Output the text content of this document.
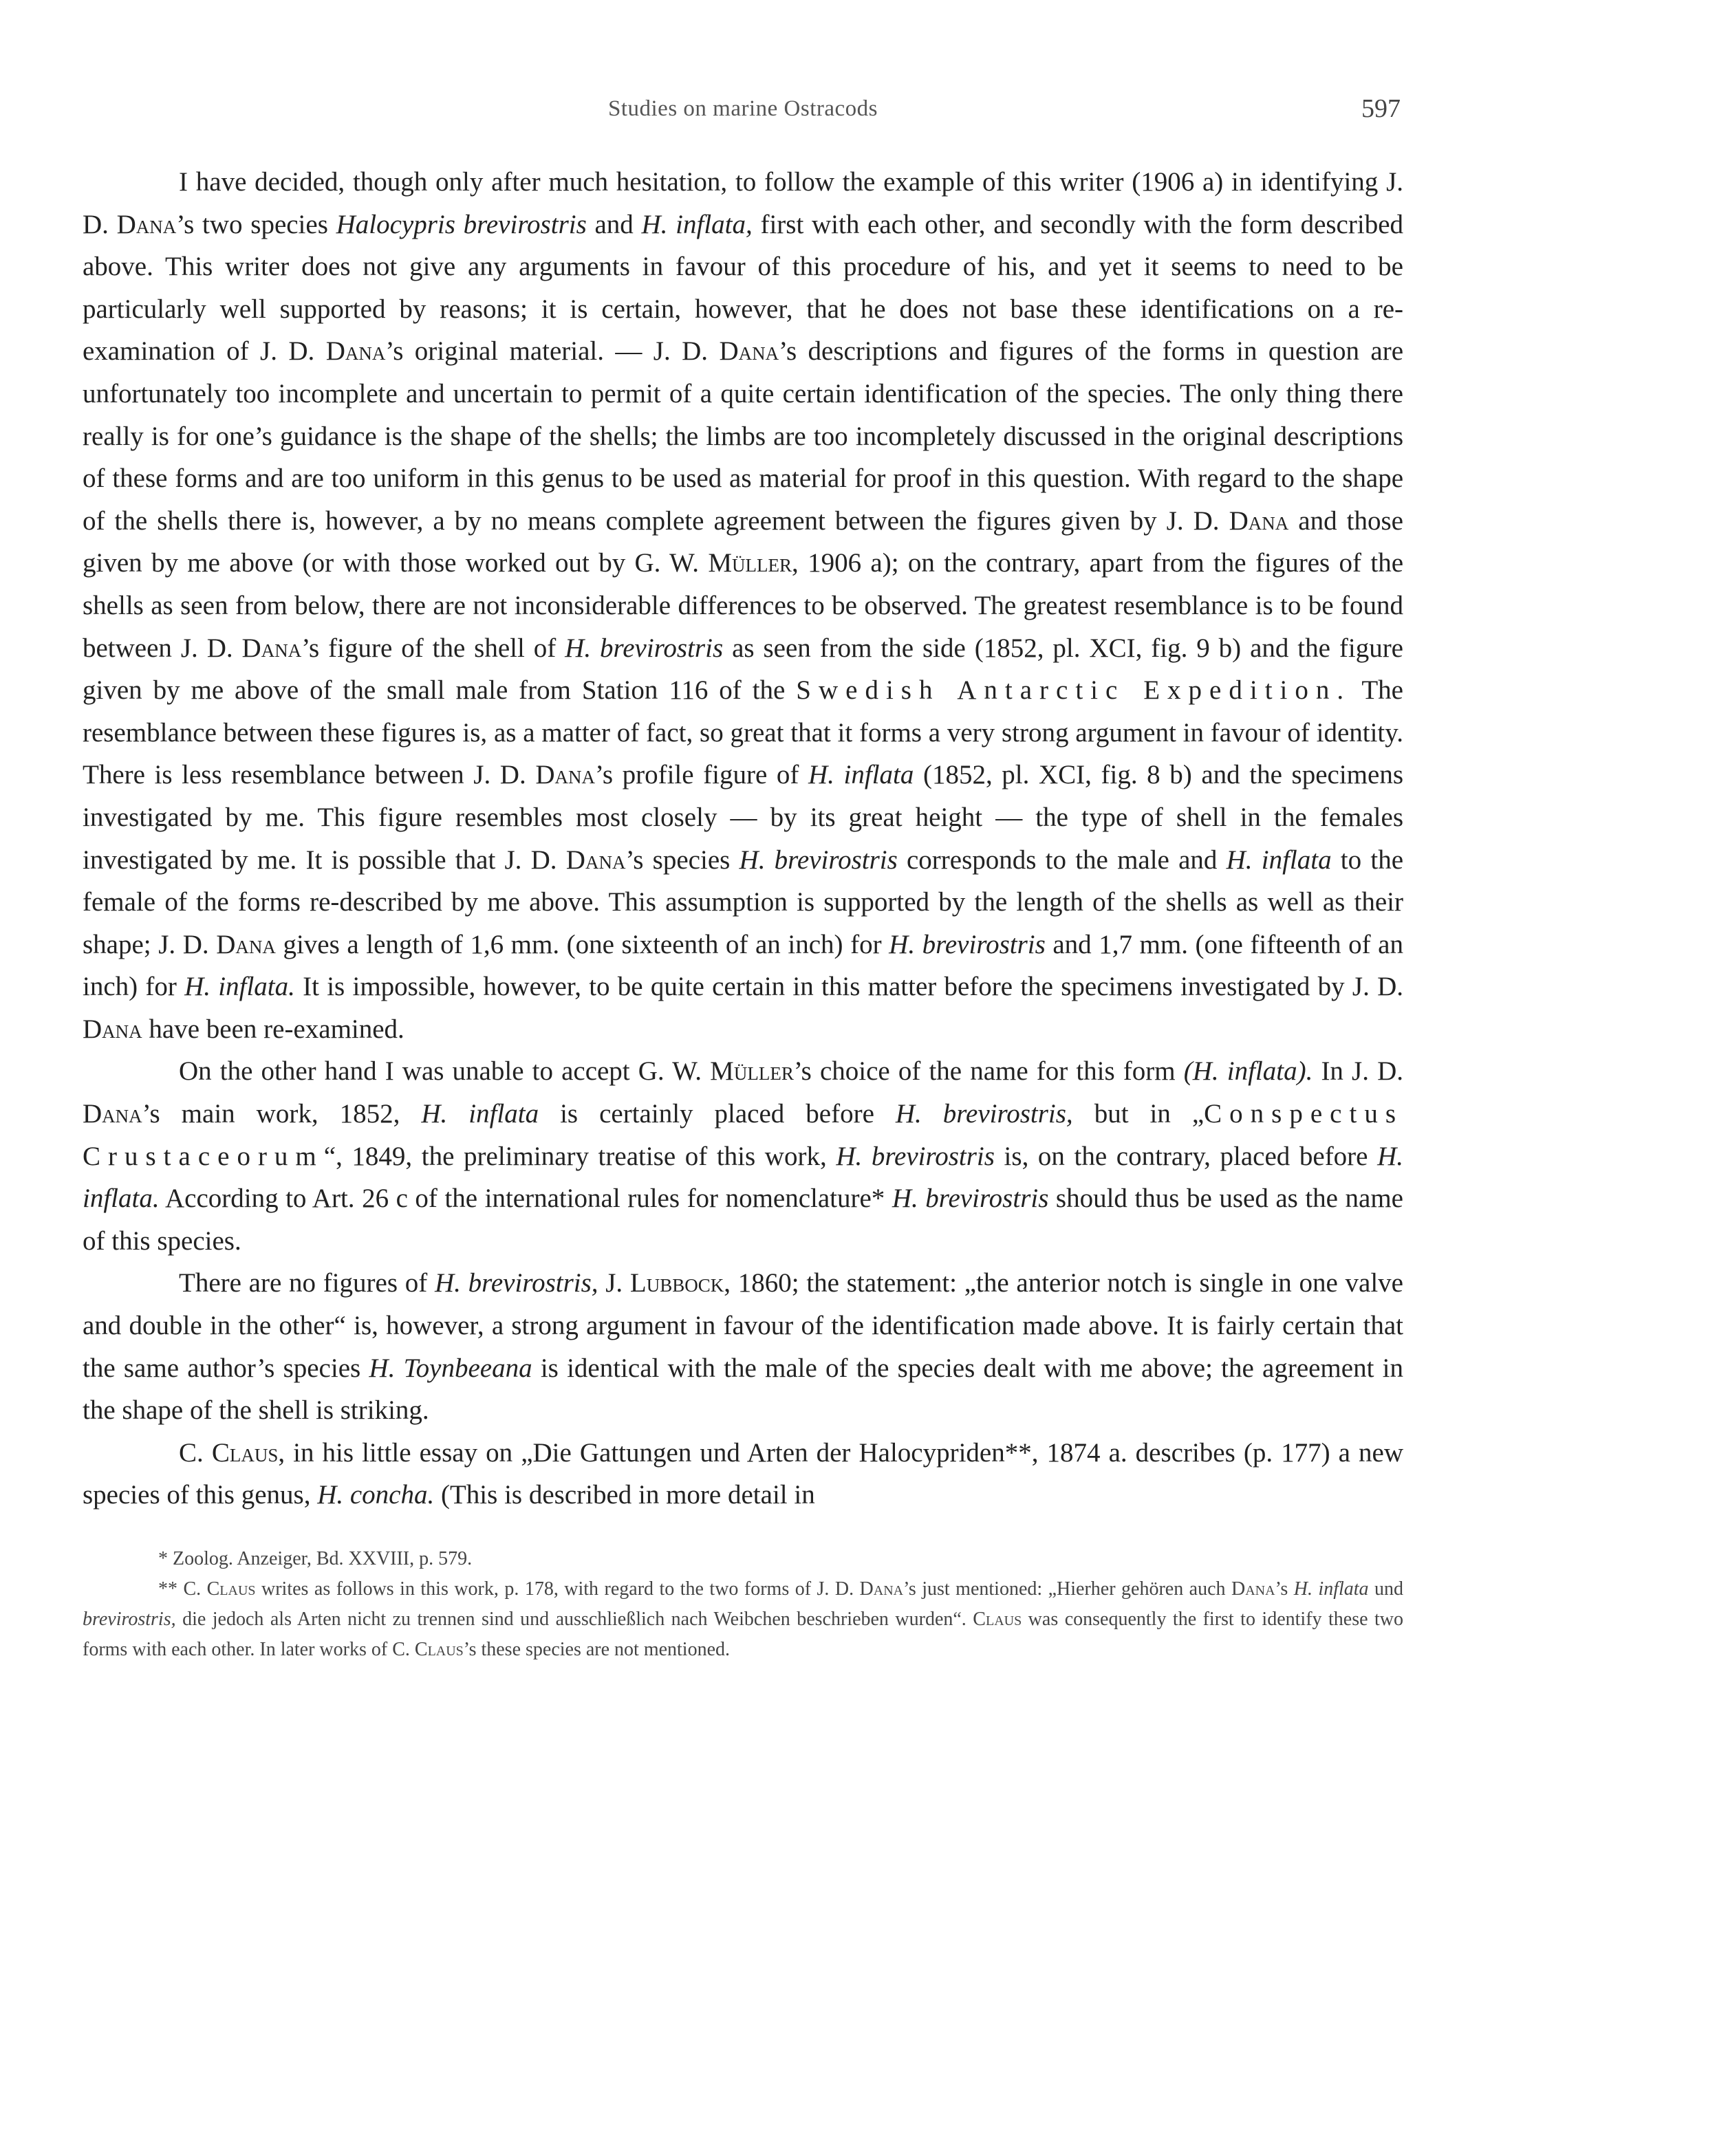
Studies on marine Ostracods	597

I have decided, though only after much hesitation, to follow the example of this writer (1906 a) in identifying J. D. Dana’s two species Halocypris brevirostris and H. inflata, first with each other, and secondly with the form described above. This writer does not give any arguments in favour of this procedure of his, and yet it seems to need to be particularly well supported by reasons; it is certain, however, that he does not base these identifications on a re-examination of J. D. Dana’s original material. — J. D. Dana’s descriptions and figures of the forms in question are unfortunately too incomplete and uncertain to permit of a quite certain identification of the species. The only thing there really is for one’s guidance is the shape of the shells; the limbs are too incompletely discussed in the original descriptions of these forms and are too uniform in this genus to be used as material for proof in this question. With regard to the shape of the shells there is, however, a by no means complete agreement between the figures given by J. D. Dana and those given by me above (or with those worked out by G. W. Müller, 1906 a); on the contrary, apart from the figures of the shells as seen from below, there are not inconsiderable differences to be observed. The greatest resemblance is to be found between J. D. Dana’s figure of the shell of H. brevirostris as seen from the side (1852, pl. XCI, fig. 9 b) and the figure given by me above of the small male from Station 116 of the Swedish Antarctic Expedition. The resemblance between these figures is, as a matter of fact, so great that it forms a very strong argument in favour of identity. There is less resemblance between J. D. Dana’s profile figure of H. inflata (1852, pl. XCI, fig. 8 b) and the specimens investigated by me. This figure resembles most closely — by its great height — the type of shell in the females investigated by me. It is possible that J. D. Dana’s species H. brevirostris corresponds to the male and H. inflata to the female of the forms re-described by me above. This assumption is supported by the length of the shells as well as their shape; J. D. Dana gives a length of 1,6 mm. (one sixteenth of an inch) for H. brevirostris and 1,7 mm. (one fifteenth of an inch) for H. inflata. It is impossible, however, to be quite certain in this matter before the specimens investigated by J. D. Dana have been re-examined.

On the other hand I was unable to accept G. W. Müller’s choice of the name for this form (H. inflata). In J. D. Dana’s main work, 1852, H. inflata is certainly placed before H. brevirostris, but in „Conspectus Crustaceorum“, 1849, the preliminary treatise of this work, H. brevirostris is, on the contrary, placed before H. inflata. According to Art. 26 c of the international rules for nomenclature* H. brevirostris should thus be used as the name of this species.

There are no figures of H. brevirostris, J. Lubbock, 1860; the statement: „the anterior notch is single in one valve and double in the other“ is, however, a strong argument in favour of the identification made above. It is fairly certain that the same author’s species H. Toynbeeana is identical with the male of the species dealt with me above; the agreement in the shape of the shell is striking.

C. Claus, in his little essay on „Die Gattungen und Arten der Halocypriden**, 1874 a. describes (p. 177) a new species of this genus, H. concha. (This is described in more detail in

* Zoolog. Anzeiger, Bd. XXVIII, p. 579.

** C. Claus writes as follows in this work, p. 178, with regard to the two forms of J. D. Dana’s just mentioned: „Hierher gehören auch Dana’s H. inflata und brevirostris, die jedoch als Arten nicht zu trennen sind und ausschließlich nach Weibchen beschrieben wurden“. Claus was consequently the first to identify these two forms with each other. In later works of C. Claus’s these species are not mentioned.
